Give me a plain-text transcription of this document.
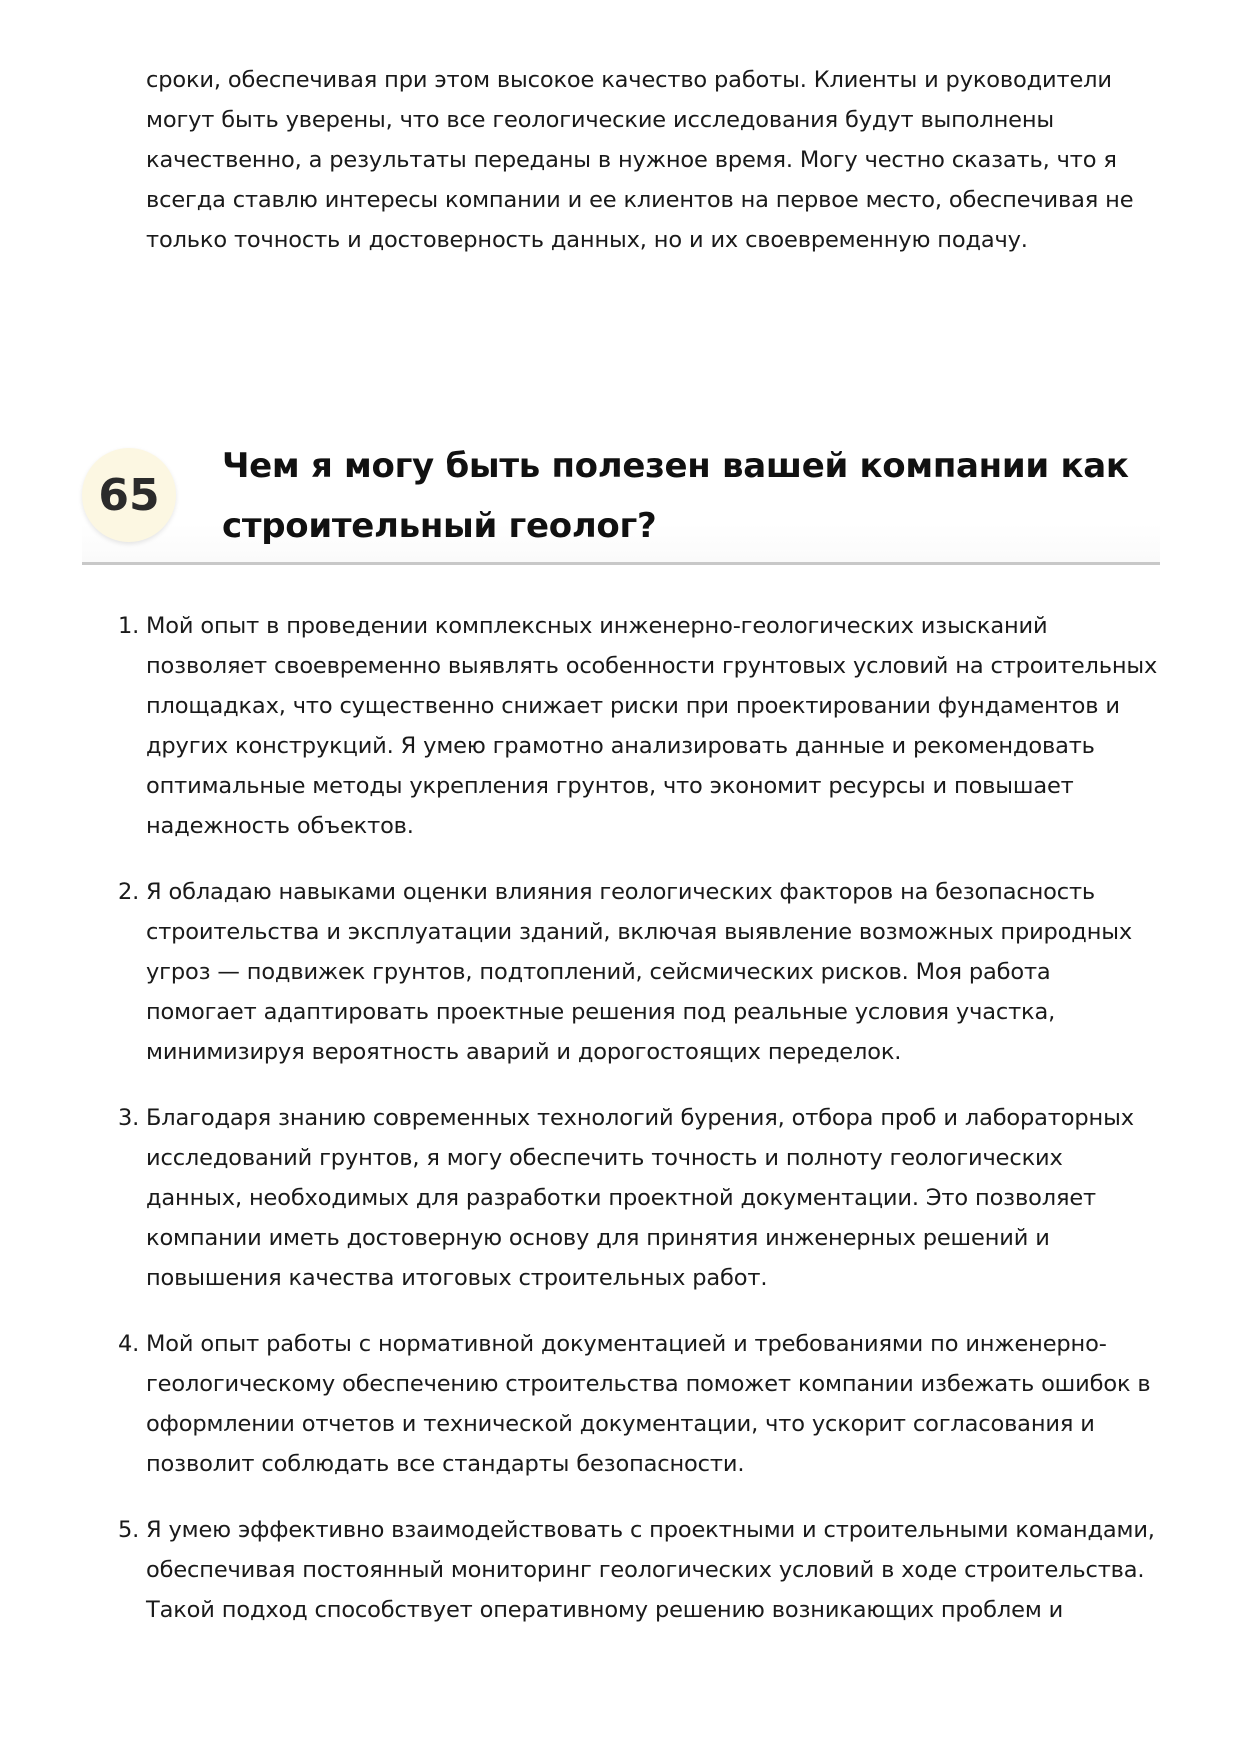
сроки, обеспечивая при этом высокое качество работы. Клиенты и руководители могут быть уверены, что все геологические исследования будут выполнены качественно, а результаты переданы в нужное время. Могу честно сказать, что я всегда ставлю интересы компании и ее клиентов на первое место, обеспечивая не только точность и достоверность данных, но и их своевременную подачу.

65
Чем я могу быть полезен вашей компании как строительный геолог?
1. Мой опыт в проведении комплексных инженерно-геологических изысканий позволяет своевременно выявлять особенности грунтовых условий на строительных площадках, что существенно снижает риски при проектировании фундаментов и других конструкций. Я умею грамотно анализировать данные и рекомендовать оптимальные методы укрепления грунтов, что экономит ресурсы и повышает надежность объектов.
2. Я обладаю навыками оценки влияния геологических факторов на безопасность строительства и эксплуатации зданий, включая выявление возможных природных угроз — подвижек грунтов, подтоплений, сейсмических рисков. Моя работа помогает адаптировать проектные решения под реальные условия участка, минимизируя вероятность аварий и дорогостоящих переделок.
3. Благодаря знанию современных технологий бурения, отбора проб и лабораторных исследований грунтов, я могу обеспечить точность и полноту геологических данных, необходимых для разработки проектной документации. Это позволяет компании иметь достоверную основу для принятия инженерных решений и повышения качества итоговых строительных работ.
4. Мой опыт работы с нормативной документацией и требованиями по инженерно-геологическому обеспечению строительства поможет компании избежать ошибок в оформлении отчетов и технической документации, что ускорит согласования и позволит соблюдать все стандарты безопасности.
5. Я умею эффективно взаимодействовать с проектными и строительными командами, обеспечивая постоянный мониторинг геологических условий в ходе строительства. Такой подход способствует оперативному решению возникающих проблем и
